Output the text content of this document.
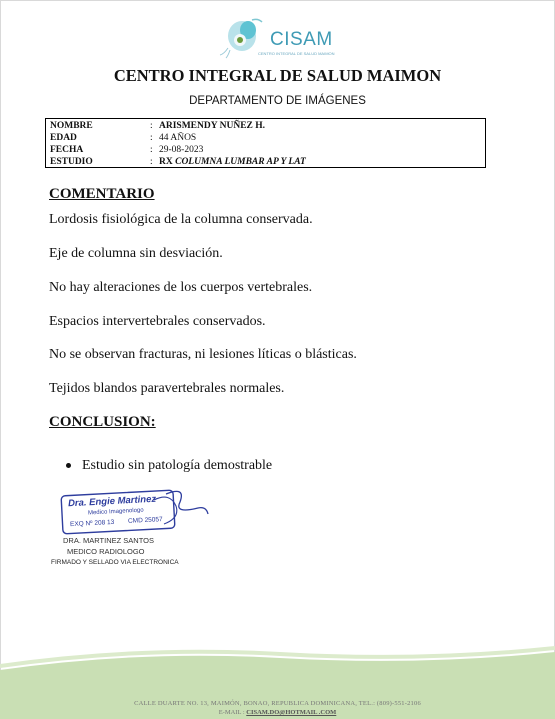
CISAM
CENTRO INTEGRAL DE SALUD MAIMON
CENTRO INTEGRAL DE SALUD MAIMON
DEPARTAMENTO DE IMÁGENES
NOMBRE	: ARISMENDY NUÑEZ H.
EDAD	: 44 AÑOS
FECHA	: 29-08-2023
ESTUDIO	: RX COLUMNA LUMBAR AP Y LAT
COMENTARIO
Lordosis fisiológica de la columna conservada.
Eje de columna sin desviación.
No hay alteraciones de los cuerpos vertebrales.
Espacios intervertebrales conservados.
No se observan fracturas, ni lesiones líticas o blásticas.
Tejidos blandos paravertebrales normales.
CONCLUSION:
Estudio sin patología demostrable
Dra. Engie Martinez
Medico Imagenologo
EXQ Nº 208 13 CMD 25057
DRA. MARTINEZ SANTOS
MEDICO RADIOLOGO
FIRMADO Y SELLADO VIA ELECTRONICA
CALLE DUARTE NO. 13, MAIMÓN, BONAO, REPUBLICA DOMINICANA, TEL.: (809)-551-2106
E-MAIL : CISAM.DO@HOTMAIL .COM
